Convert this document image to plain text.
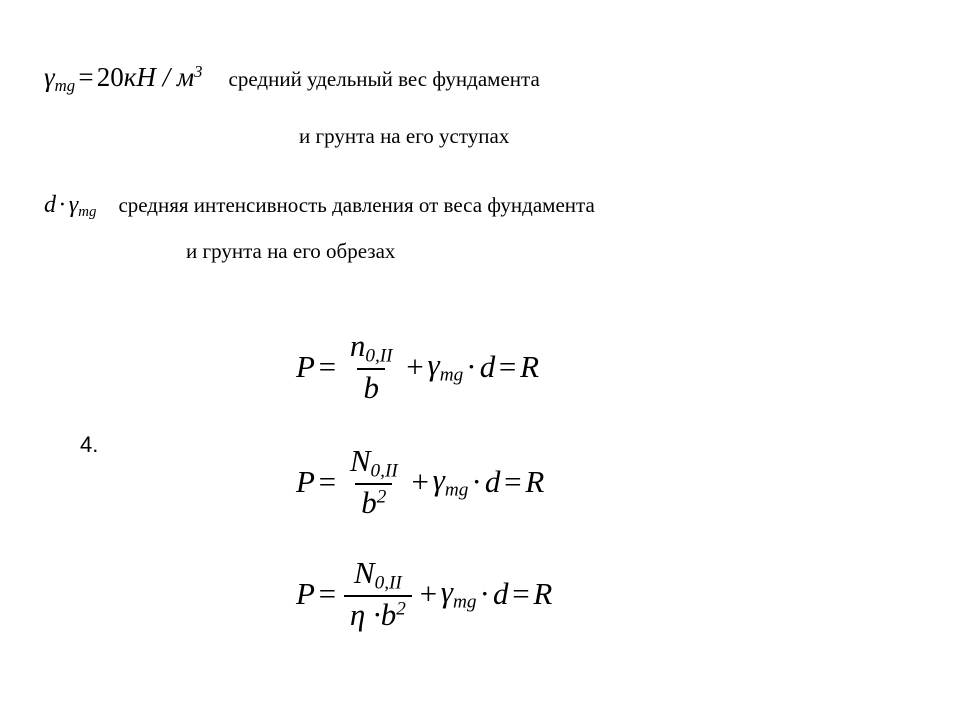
$\gamma_{mg} = 20кН / м^3$ средний удельный вес фундамента
и грунта на его уступах
$d\cdot\gamma_{mg}$ средняя интенсивность давления от веса фундамента
и грунта на его обрезах
4.
$P = \frac{n_{0,II}}{b} + \gamma_{mg} \cdot d = R$
$P = \frac{N_{0,II}}{b^2} + \gamma_{mg} \cdot d = R$
$P = \frac{N_{0,II}}{\eta \cdot b^2} + \gamma_{mg} \cdot d = R$
